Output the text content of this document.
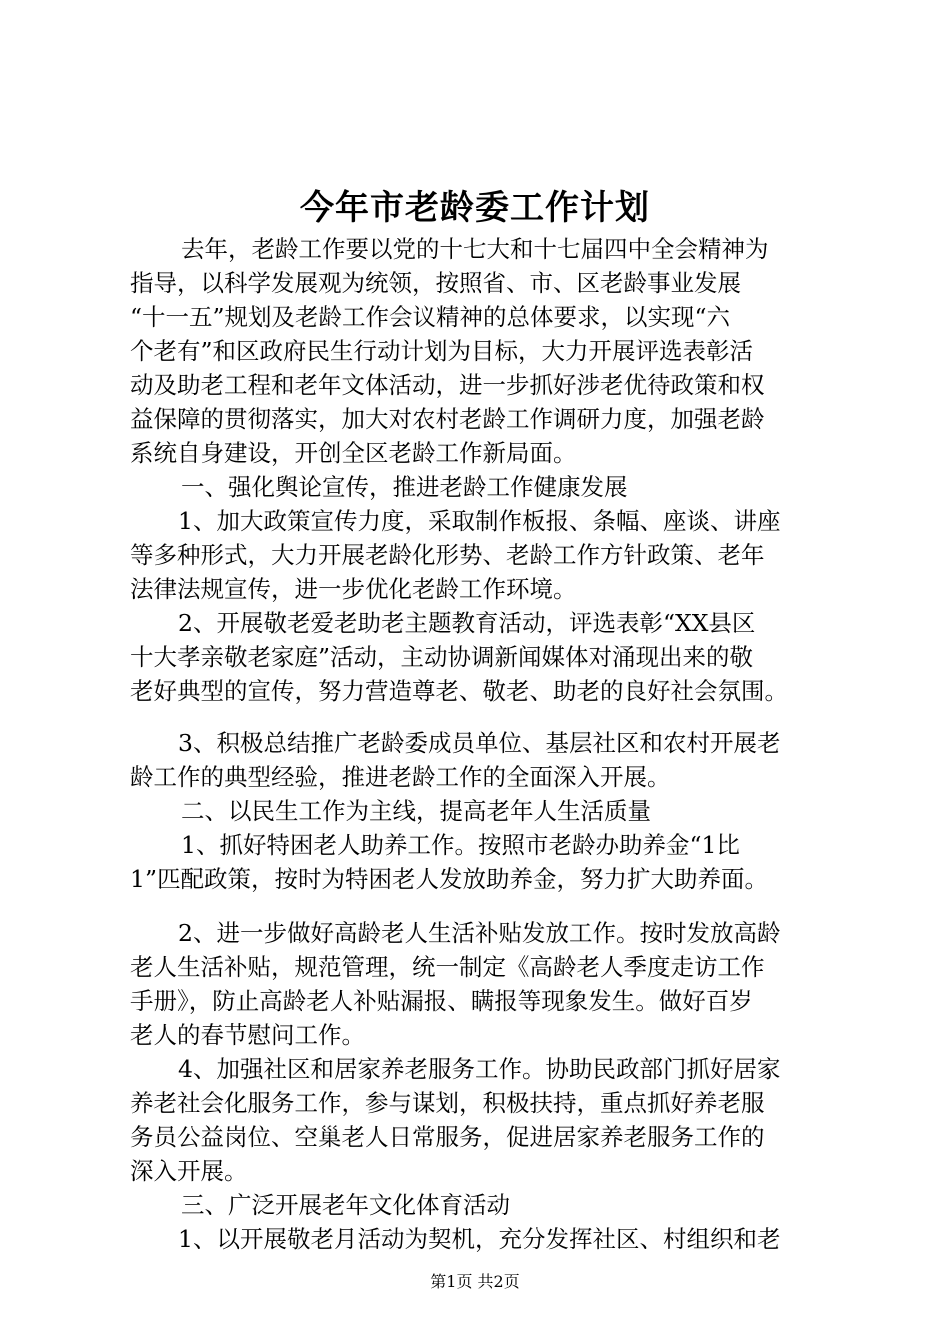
今年市老龄委工作计划
去年，老龄工作要以党的十七大和十七届四中全会精神为
指导，以科学发展观为统领，按照省、市、区老龄事业发展
“十一五”规划及老龄工作会议精神的总体要求，以实现“六
个老有”和区政府民生行动计划为目标，大力开展评选表彰活
动及助老工程和老年文体活动，进一步抓好涉老优待政策和权
益保障的贯彻落实，加大对农村老龄工作调研力度，加强老龄
系统自身建设，开创全区老龄工作新局面。
一、强化舆论宣传，推进老龄工作健康发展
1、加大政策宣传力度，采取制作板报、条幅、座谈、讲座
等多种形式，大力开展老龄化形势、老龄工作方针政策、老年
法律法规宣传，进一步优化老龄工作环境。
2、开展敬老爱老助老主题教育活动，评选表彰“XX县区
十大孝亲敬老家庭”活动，主动协调新闻媒体对涌现出来的敬
老好典型的宣传，努力营造尊老、敬老、助老的良好社会氛围。
3、积极总结推广老龄委成员单位、基层社区和农村开展老
龄工作的典型经验，推进老龄工作的全面深入开展。
二、以民生工作为主线，提高老年人生活质量
1、抓好特困老人助养工作。按照市老龄办助养金“1比
1”匹配政策，按时为特困老人发放助养金，努力扩大助养面。
2、进一步做好高龄老人生活补贴发放工作。按时发放高龄
老人生活补贴，规范管理，统一制定《高龄老人季度走访工作
手册》，防止高龄老人补贴漏报、瞒报等现象发生。做好百岁
老人的春节慰问工作。
4、加强社区和居家养老服务工作。协助民政部门抓好居家
养老社会化服务工作，参与谋划，积极扶持，重点抓好养老服
务员公益岗位、空巢老人日常服务，促进居家养老服务工作的
深入开展。
三、广泛开展老年文化体育活动
1、以开展敬老月活动为契机，充分发挥社区、村组织和老
第1页 共2页
